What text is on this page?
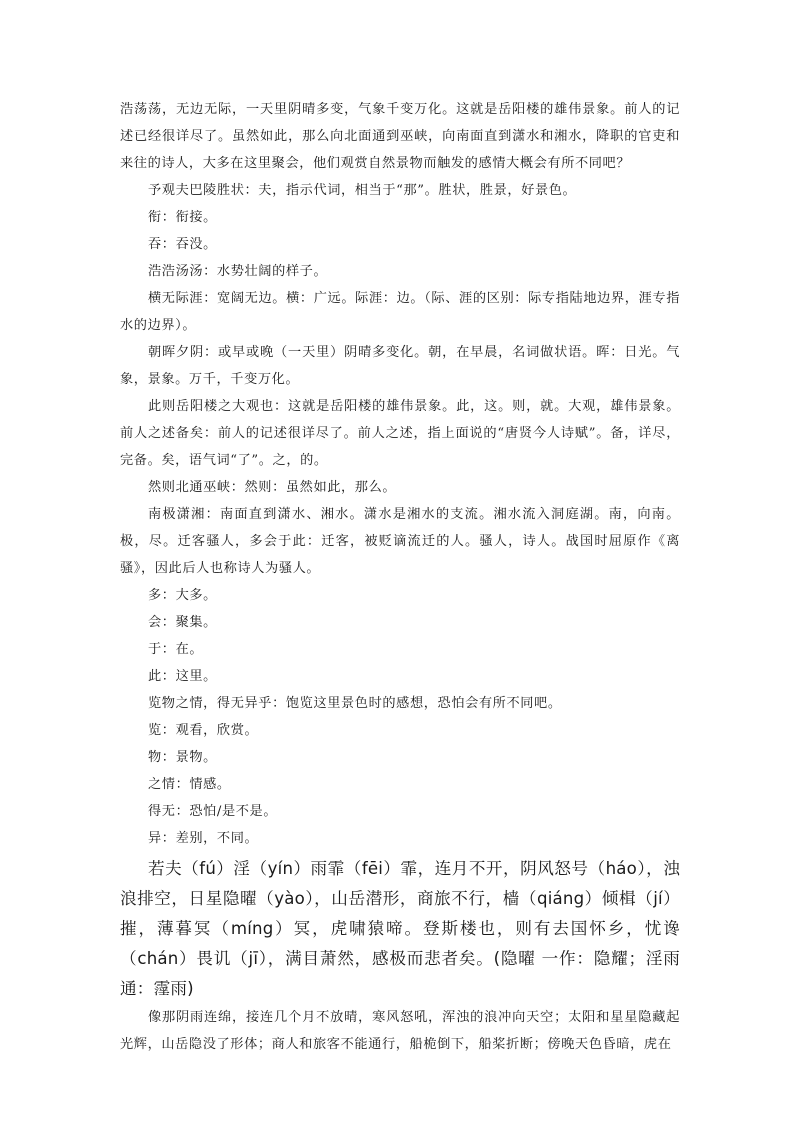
浩荡荡，无边无际，一天里阴晴多变，气象千变万化。这就是岳阳楼的雄伟景象。前人的记述已经很详尽了。虽然如此，那么向北面通到巫峡，向南面直到潇水和湘水，降职的官吏和来往的诗人，大多在这里聚会，他们观赏自然景物而触发的感情大概会有所不同吧？

予观夫巴陵胜状：夫，指示代词，相当于“那”。胜状，胜景，好景色。

衔：衔接。

吞：吞没。

浩浩汤汤：水势壮阔的样子。

横无际涯：宽阔无边。横：广远。际涯：边。（际、涯的区别：际专指陆地边界，涯专指水的边界）。

朝晖夕阴：或早或晚（一天里）阴晴多变化。朝，在早晨，名词做状语。晖：日光。气象，景象。万千，千变万化。

此则岳阳楼之大观也：这就是岳阳楼的雄伟景象。此，这。则，就。大观，雄伟景象。前人之述备矣：前人的记述很详尽了。前人之述，指上面说的“唐贤今人诗赋”。备，详尽，完备。矣，语气词“了”。之，的。

然则北通巫峡：然则：虽然如此，那么。

南极潇湘：南面直到潇水、湘水。潇水是湘水的支流。湘水流入洞庭湖。南，向南。极，尽。迁客骚人，多会于此：迁客，被贬谪流迁的人。骚人，诗人。战国时屈原作《离骚》，因此后人也称诗人为骚人。

多：大多。

会：聚集。

于：在。

此：这里。

览物之情，得无异乎：饱览这里景色时的感想，恐怕会有所不同吧。

览：观看，欣赏。

物：景物。

之情：情感。

得无：恐怕/是不是。

异：差别，不同。

若夫（fú）淫（yín）雨霏（fēi）霏，连月不开，阴风怒号（háo），浊浪排空，日星隐曜（yào），山岳潜形，商旅不行，樯（qiáng）倾楫（jí）摧，薄暮冥（míng）冥，虎啸猿啼。登斯楼也，则有去国怀乡，忧谗（chán）畏讥（jī），满目萧然，感极而悲者矣。(隐曜 一作：隐耀；淫雨 通：霪雨)

像那阴雨连绵，接连几个月不放晴，寒风怒吼，浑浊的浪冲向天空；太阳和星星隐藏起光辉，山岳隐没了形体；商人和旅客不能通行，船桅倒下，船桨折断；傍晚天色昏暗，虎在
